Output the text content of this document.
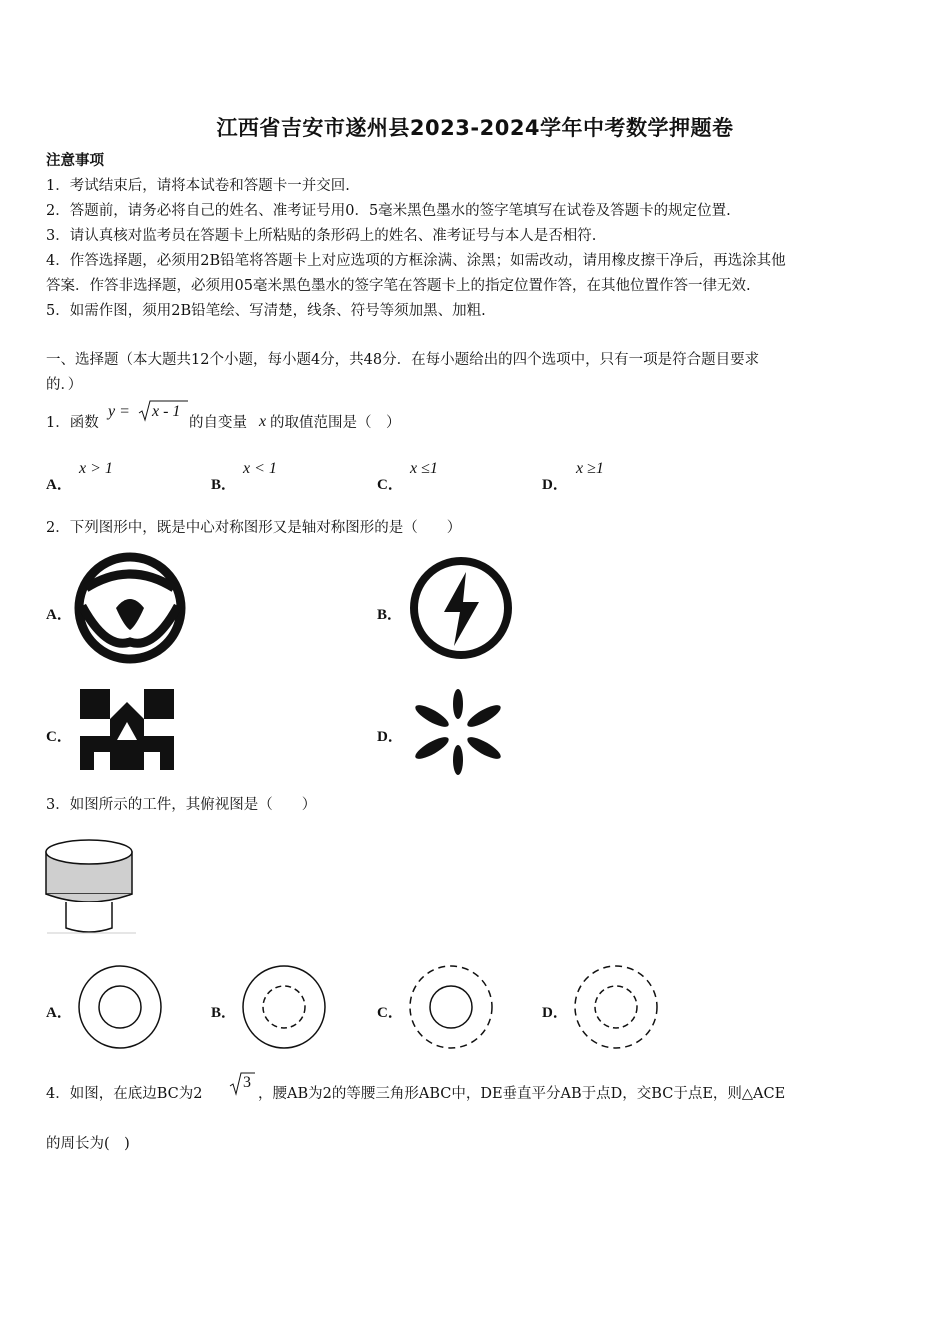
江西省吉安市遂州县2023-2024学年中考数学押题卷
注意事项
1．考试结束后，请将本试卷和答题卡一并交回.
2．答题前，请务必将自己的姓名、准考证号用0．5毫米黑色墨水的签字笔填写在试卷及答题卡的规定位置.
3．请认真核对监考员在答题卡上所粘贴的条形码上的姓名、准考证号与本人是否相符.
4．作答选择题，必须用2B铅笔将答题卡上对应选项的方框涂满、涂黑；如需改动，请用橡皮擦干净后，再选涂其他
答案．作答非选择题，必须用05毫米黑色墨水的签字笔在答题卡上的指定位置作答，在其他位置作答一律无效.
5．如需作图，须用2B铅笔绘、写清楚，线条、符号等须加黑、加粗.
一、选择题（本大题共12个小题，每小题4分，共48分．在每小题给出的四个选项中，只有一项是符合题目要求
的．）
1．函数
y = x - 1
的自变量 x 的取值范围是（　）
A．
x > 1
B．
x < 1
C．
x ≤1
D．
x ≥1
2．下列图形中，既是中心对称图形又是轴对称图形的是（　　）
A．	B．
C．	D．
3．如图所示的工件，其俯视图是（　　）
A．	B．	C．	D．
4．如图，在底边BC为2
3
，腰AB为2的等腰三角形ABC中，DE垂直平分AB于点D，交BC于点E，则△ACE
的周长为(　)
